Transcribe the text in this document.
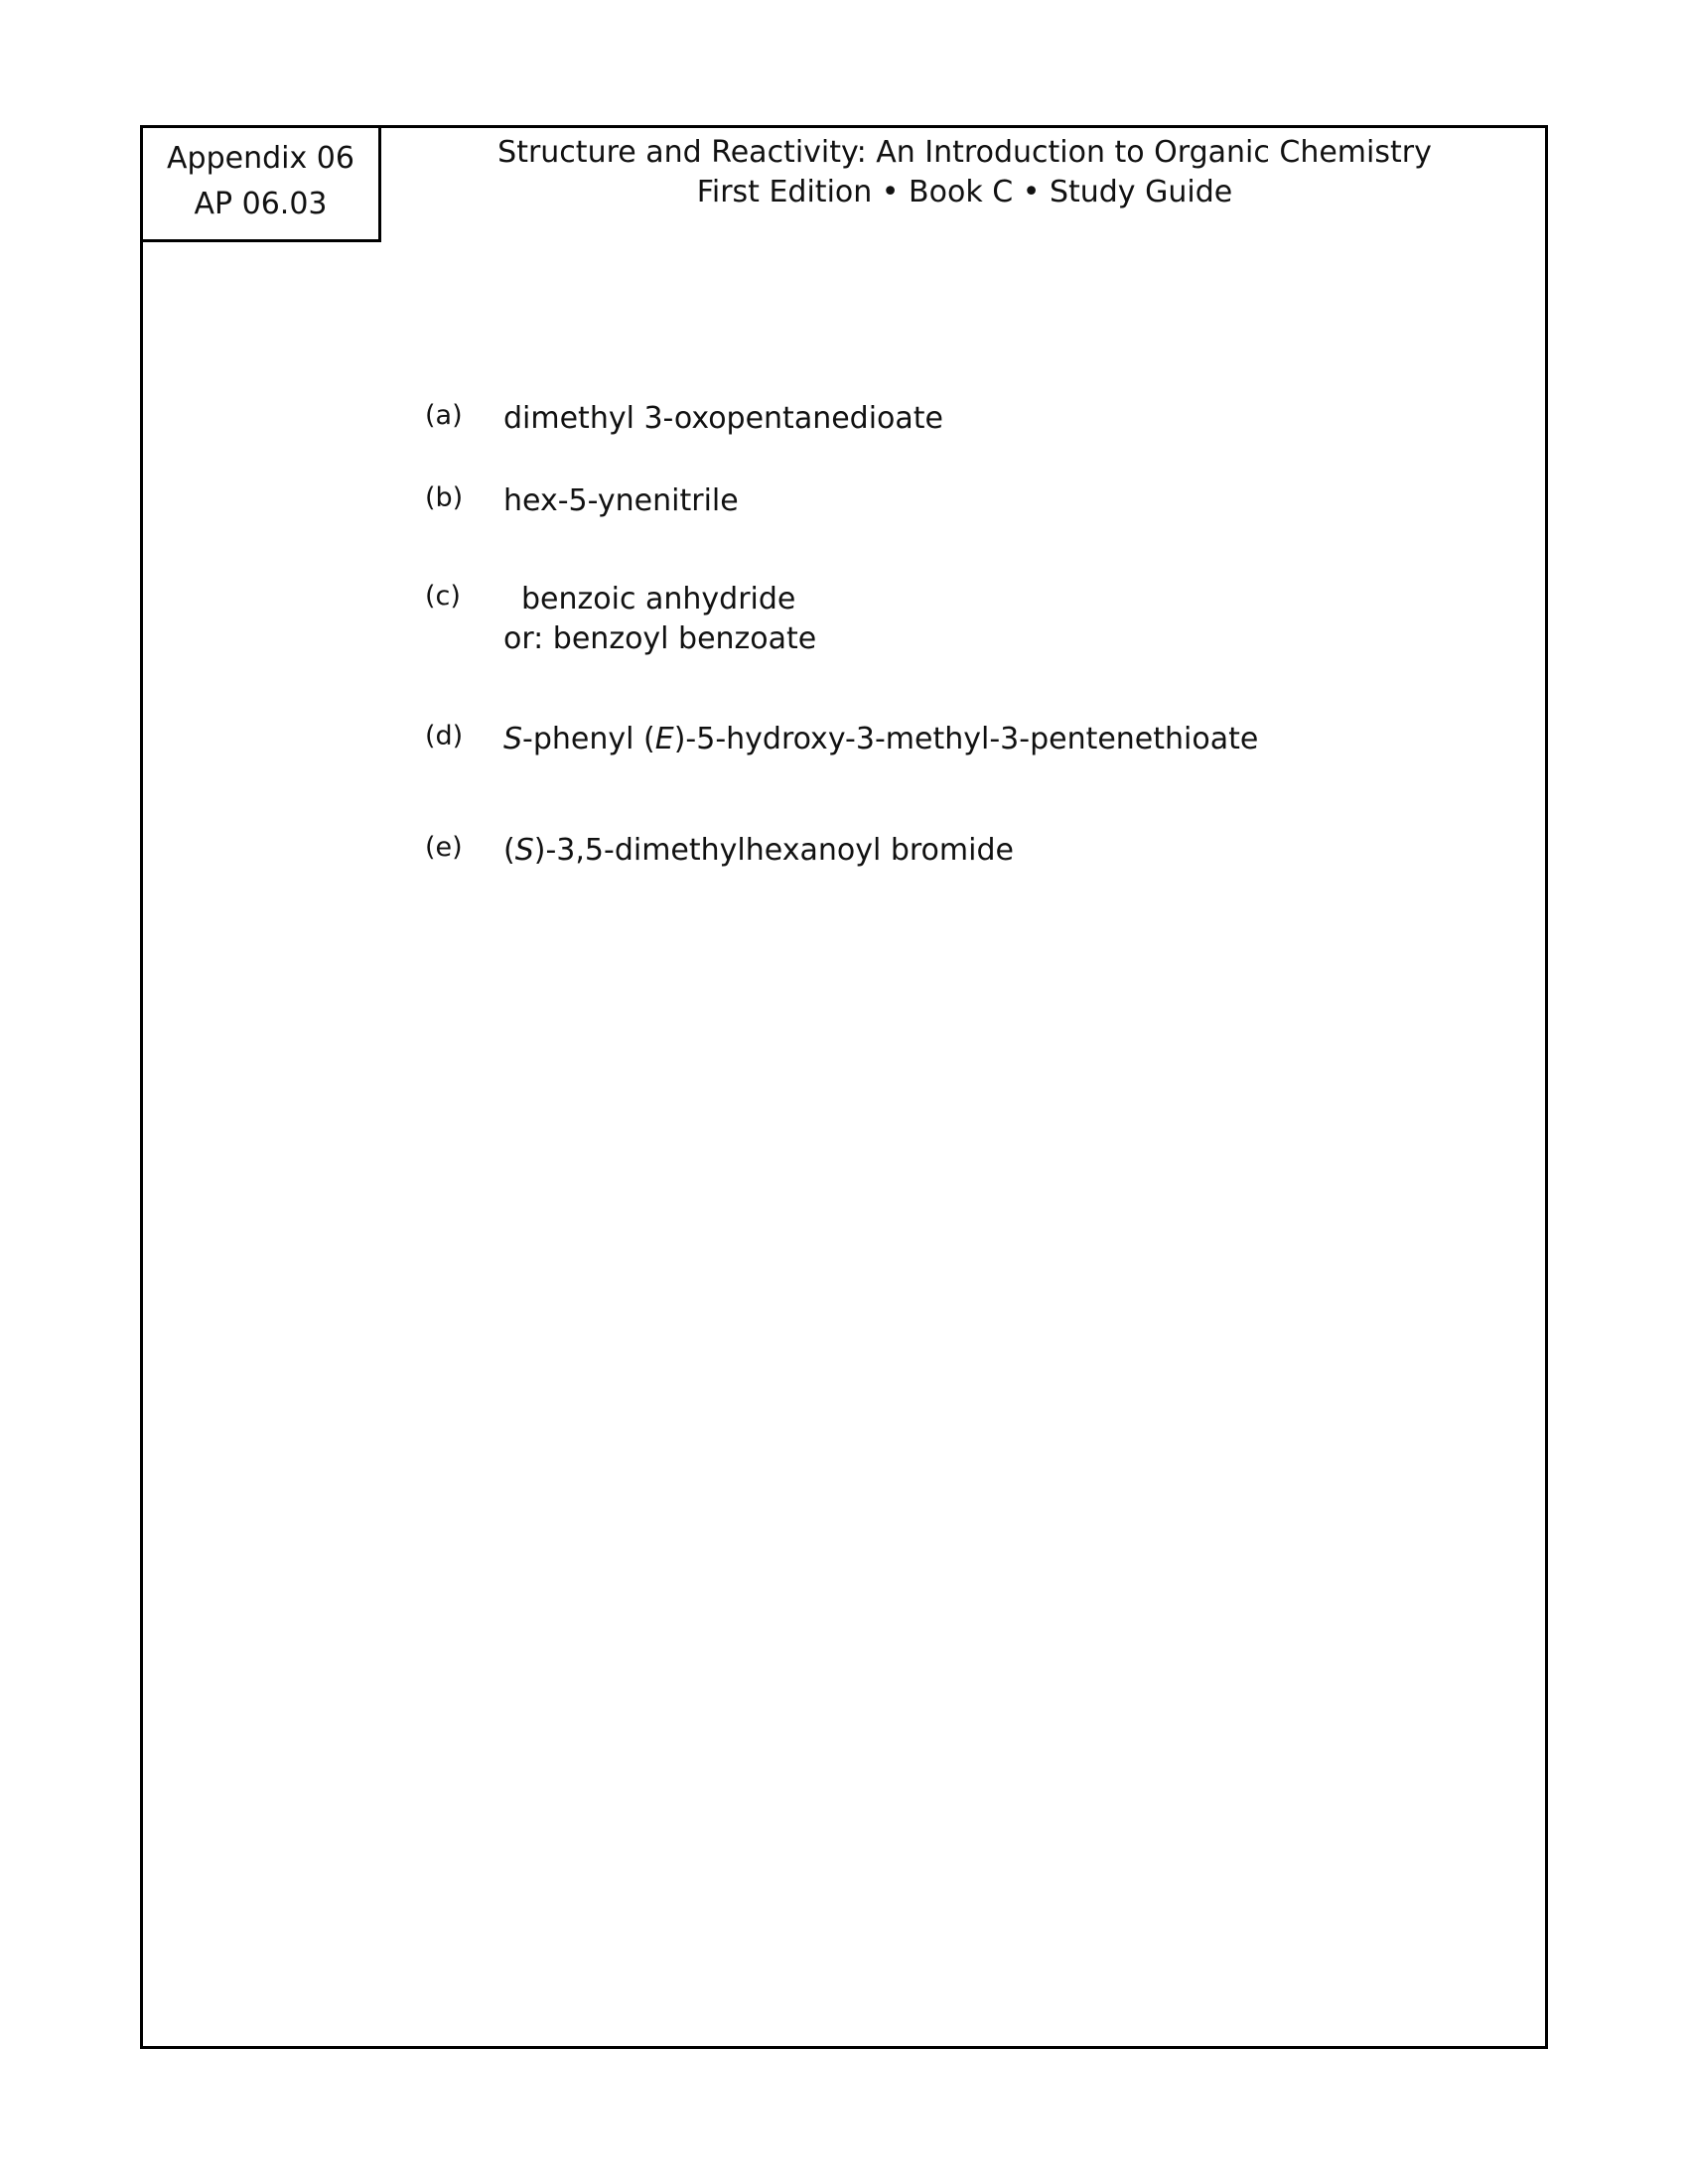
Appendix 06
AP 06.03
Structure and Reactivity: An Introduction to Organic Chemistry
First Edition • Book C • Study Guide
(a)	dimethyl 3-oxopentanedioate
(b)	hex-5-ynenitrile
(c)	benzoic anhydride
or: benzoyl benzoate
(d)	S-phenyl (E)-5-hydroxy-3-methyl-3-pentenethioate
(e)	(S)-3,5-dimethylhexanoyl bromide
